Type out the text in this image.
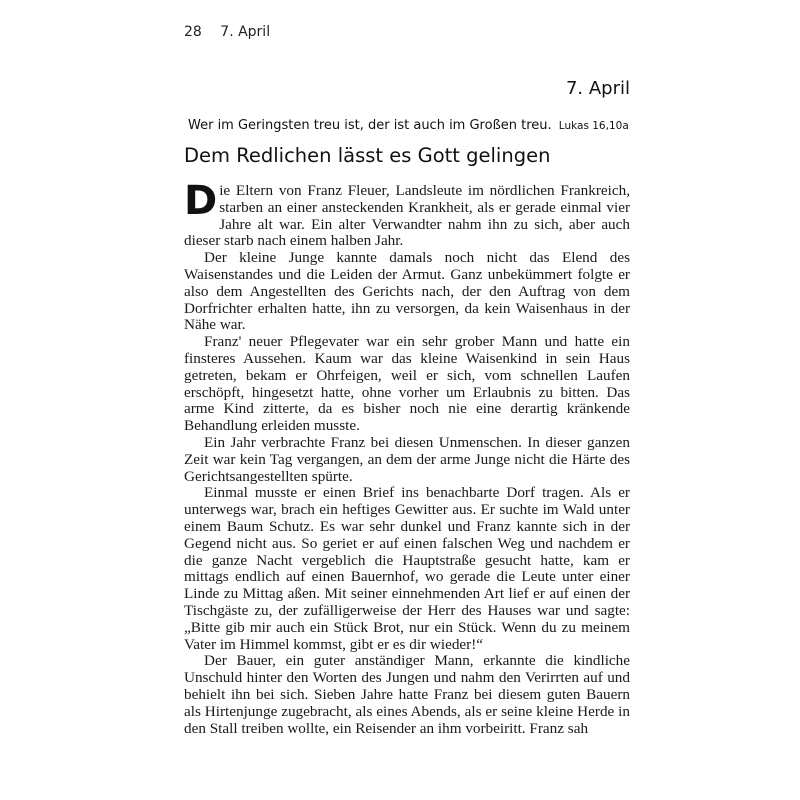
28 7. April
7. April
Wer im Geringsten treu ist, der ist auch im Großen treu. Lukas 16,10a
Dem Redlichen lässt es Gott gelingen

Die Eltern von Franz Fleuer, Landsleute im nördlichen Frankreich, starben an einer ansteckenden Krankheit, als er gerade einmal vier Jahre alt war. Ein alter Verwandter nahm ihn zu sich, aber auch dieser starb nach einem halben Jahr.

Der kleine Junge kannte damals noch nicht das Elend des Waisenstandes und die Leiden der Armut. Ganz unbekümmert folgte er also dem Angestellten des Gerichts nach, der den Auftrag von dem Dorfrichter erhalten hatte, ihn zu versorgen, da kein Waisenhaus in der Nähe war.

Franz' neuer Pflegevater war ein sehr grober Mann und hatte ein finsteres Aussehen. Kaum war das kleine Waisenkind in sein Haus getreten, bekam er Ohrfeigen, weil er sich, vom schnellen Laufen erschöpft, hingesetzt hatte, ohne vorher um Erlaubnis zu bitten. Das arme Kind zitterte, da es bisher noch nie eine derartig kränkende Behandlung erleiden musste.

Ein Jahr verbrachte Franz bei diesen Unmenschen. In dieser ganzen Zeit war kein Tag vergangen, an dem der arme Junge nicht die Härte des Gerichtsangestellten spürte.

Einmal musste er einen Brief ins benachbarte Dorf tragen. Als er unterwegs war, brach ein heftiges Gewitter aus. Er suchte im Wald unter einem Baum Schutz. Es war sehr dunkel und Franz kannte sich in der Gegend nicht aus. So geriet er auf einen falschen Weg und nachdem er die ganze Nacht vergeblich die Hauptstraße gesucht hatte, kam er mittags endlich auf einen Bauernhof, wo gerade die Leute unter einer Linde zu Mittag aßen. Mit seiner einnehmenden Art lief er auf einen der Tischgäste zu, der zufälligerweise der Herr des Hauses war und sagte: „Bitte gib mir auch ein Stück Brot, nur ein Stück. Wenn du zu meinem Vater im Himmel kommst, gibt er es dir wieder!“

Der Bauer, ein guter anständiger Mann, erkannte die kindliche Unschuld hinter den Worten des Jungen und nahm den Verirrten auf und behielt ihn bei sich. Sieben Jahre hatte Franz bei diesem guten Bauern als Hirtenjunge zugebracht, als eines Abends, als er seine kleine Herde in den Stall treiben wollte, ein Reisender an ihm vorbeiritt. Franz sah
